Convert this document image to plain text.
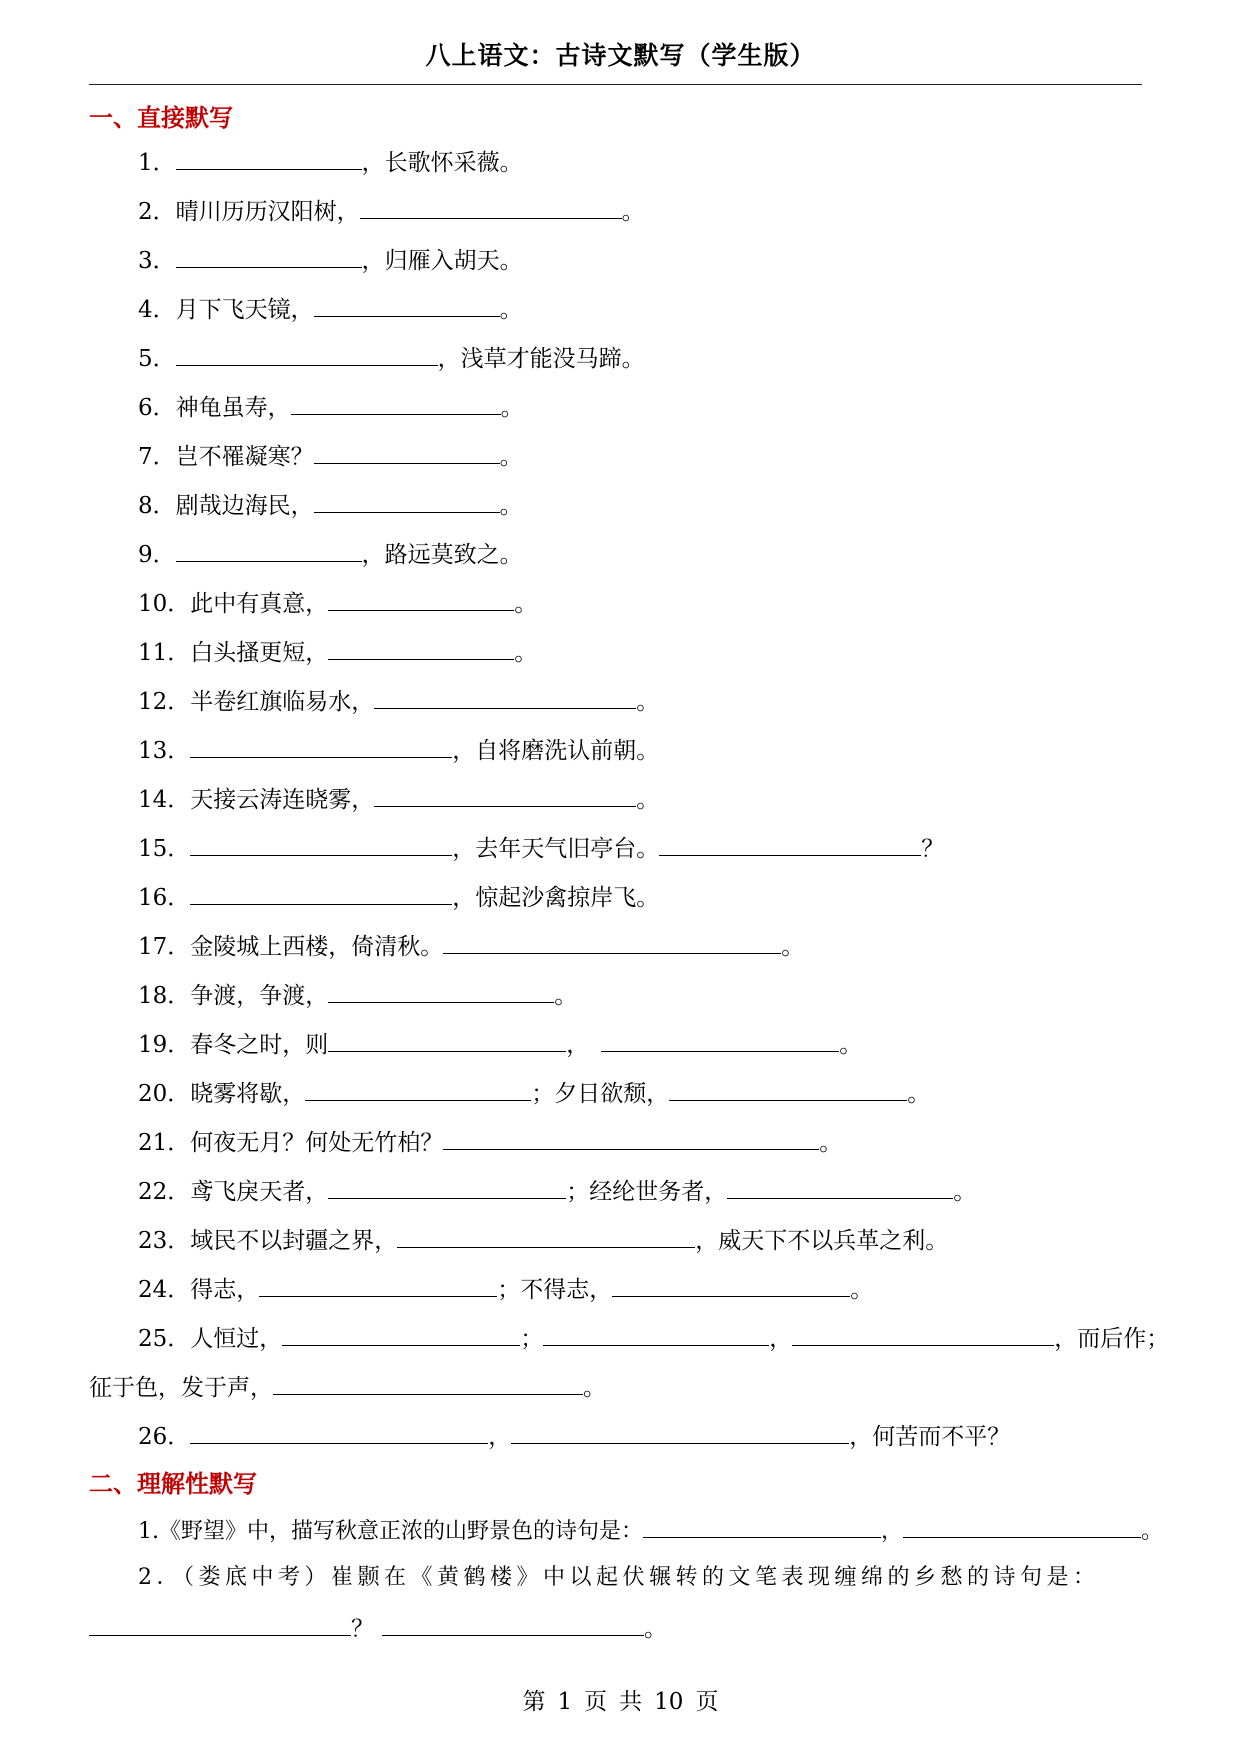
八上语文：古诗文默写（学生版）
一、直接默写
1．	，长歌怀采薇。
2．晴川历历汉阳树，	。
3．	，归雁入胡天。
4．月下飞天镜，	。
5．	，浅草才能没马蹄。
6．神龟虽寿，	。
7．岂不罹凝寒？	。
8．剧哉边海民，	。
9．	，路远莫致之。
10．此中有真意，	。
11．白头搔更短，	。
12．半卷红旗临易水，	。
13．	，自将磨洗认前朝。
14．天接云涛连晓雾，	。
15．	，去年天气旧亭台。	？
16．	，惊起沙禽掠岸飞。
17．金陵城上西楼，倚清秋。	。
18．争渡，争渡，	。
19．春冬之时，则	，	。
20．晓雾将歇，	；夕日欲颓，	。
21．何夜无月？何处无竹柏？	。
22．鸢飞戾天者，	；经纶世务者，	。
23．域民不以封疆之界，	，威天下不以兵革之利。
24．得志，	；不得志，	。
25．人恒过，	；	，	，而后作；
征于色，发于声，	。
26．	，	，何苦而不平？
二、理解性默写
1.《野望》中，描写秋意正浓的山野景色的诗句是：	，	。
2．（娄底中考）崔颢在《黄鹤楼》中以起伏辗转的文笔表现缠绵的乡愁的诗句是：
？	。
第 1 页 共 10 页
